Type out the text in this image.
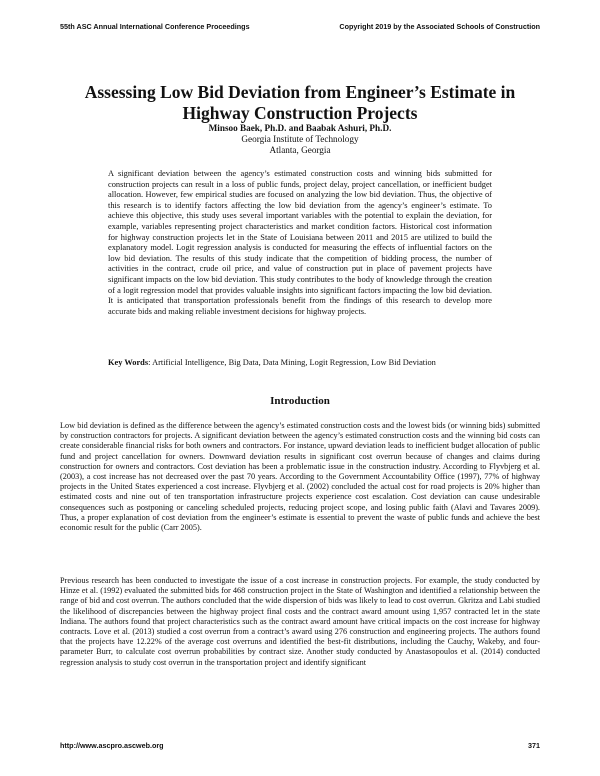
55th ASC Annual International Conference Proceedings	Copyright 2019 by the Associated Schools of Construction
Assessing Low Bid Deviation from Engineer’s Estimate in Highway Construction Projects
Minsoo Baek, Ph.D. and Baabak Ashuri, Ph.D.
Georgia Institute of Technology
Atlanta, Georgia

A significant deviation between the agency’s estimated construction costs and winning bids submitted for construction projects can result in a loss of public funds, project delay, project cancellation, or inefficient budget allocation. However, few empirical studies are focused on analyzing the low bid deviation. Thus, the objective of this research is to identify factors affecting the low bid deviation from the agency’s engineer’s estimate. To achieve this objective, this study uses several important variables with the potential to explain the deviation, for example, variables representing project characteristics and market condition factors. Historical cost information for highway construction projects let in the State of Louisiana between 2011 and 2015 are utilized to build the explanatory model. Logit regression analysis is conducted for measuring the effects of influential factors on the low bid deviation. The results of this study indicate that the competition of bidding process, the number of activities in the contract, crude oil price, and value of construction put in place of pavement projects have significant impacts on the low bid deviation. This study contributes to the body of knowledge through the creation of a logit regression model that provides valuable insights into significant factors impacting the low bid deviation. It is anticipated that transportation professionals benefit from the findings of this research to develop more accurate bids and making reliable investment decisions for highway projects.

Key Words: Artificial Intelligence, Big Data, Data Mining, Logit Regression, Low Bid Deviation

Introduction

Low bid deviation is defined as the difference between the agency’s estimated construction costs and the lowest bids (or winning bids) submitted by construction contractors for projects. A significant deviation between the agency’s estimated construction costs and the winning bid costs can create considerable financial risks for both owners and contractors. For instance, upward deviation leads to inefficient budget allocation of public fund and project cancellation for owners. Downward deviation results in significant cost overrun because of changes and claims during construction for owners and contractors. Cost deviation has been a problematic issue in the construction industry. According to Flyvbjerg et al. (2003), a cost increase has not decreased over the past 70 years. According to the Government Accountability Office (1997), 77% of highway projects in the United States experienced a cost increase. Flyvbjerg et al. (2002) concluded the actual cost for road projects is 20% higher than estimated costs and nine out of ten transportation infrastructure projects experience cost escalation. Cost deviation can cause undesirable consequences such as postponing or canceling scheduled projects, reducing project scope, and losing public faith (Alavi and Tavares 2009). Thus, a proper explanation of cost deviation from the engineer’s estimate is essential to prevent the waste of public funds and achieve the best economic result for the public (Carr 2005).

Previous research has been conducted to investigate the issue of a cost increase in construction projects. For example, the study conducted by Hinze et al. (1992) evaluated the submitted bids for 468 construction project in the State of Washington and identified a relationship between the range of bid and cost overrun. The authors concluded that the wide dispersion of bids was likely to lead to cost overrun. Gkritza and Labi studied the likelihood of discrepancies between the highway project final costs and the contract award amount using 1,957 contracted let in the state Indiana. The authors found that project characteristics such as the contract award amount have critical impacts on the cost increase for highway contracts. Love et al. (2013) studied a cost overrun from a contract’s award using 276 construction and engineering projects. The authors found that the projects have 12.22% of the average cost overruns and identified the best-fit distributions, including the Cauchy, Wakeby, and four-parameter Burr, to calculate cost overrun probabilities by contract size. Another study conducted by Anastasopoulos et al. (2014) conducted regression analysis to study cost overrun in the transportation project and identify significant

http://www.ascpro.ascweb.org	371
